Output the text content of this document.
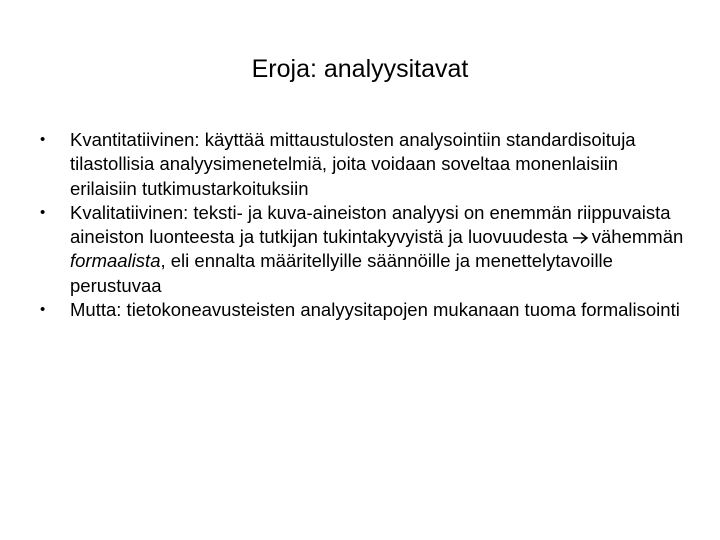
Eroja: analyysitavat
•	Kvantitatiivinen: käyttää mittaustulosten analysointiin standardisoituja tilastollisia analyysimenetelmiä, joita voidaan soveltaa monenlaisiin erilaisiin tutkimustarkoituksiin
•	Kvalitatiivinen: teksti- ja kuva-aineiston analyysi on enemmän riippuvaista aineiston luonteesta ja tutkijan tukintakyvyistä ja luovuudesta vähemmän formaalista, eli ennalta määritellyille säännöille ja menettelytavoille perustuvaa
•	Mutta: tietokoneavusteisten analyysitapojen mukanaan tuoma formalisointi
